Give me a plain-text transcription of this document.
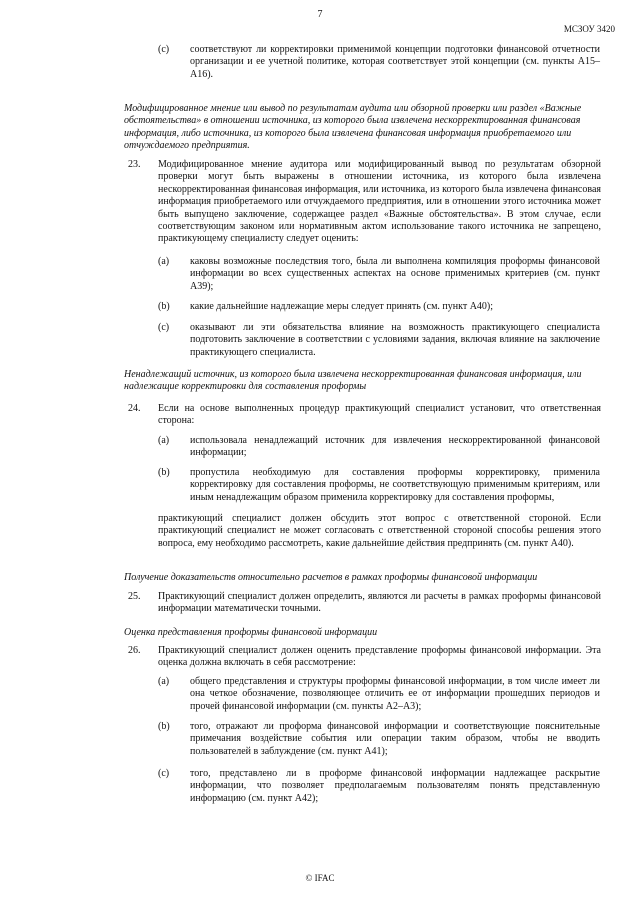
7
МСЗОУ 3420
(c) соответствуют ли корректировки применимой концепции подготовки финансовой отчетности организации и ее учетной политике, которая соответствует этой концепции (см. пункты А15–А16).

Модифицированное мнение или вывод по результатам аудита или обзорной проверки или раздел «Важные обстоятельства» в отношении источника, из которого была извлечена нескорректированная финансовая информация, либо источника, из которого была извлечена финансовая информация приобретаемого или отчуждаемого предприятия.

23. Модифицированное мнение аудитора или модифицированный вывод по результатам обзорной проверки могут быть выражены в отношении источника, из которого была извлечена нескорректированная финансовая информация, или источника, из которого была извлечена финансовая информация приобретаемого или отчуждаемого предприятия, или в отношении этого источника может быть выпущено заключение, содержащее раздел «Важные обстоятельства». В этом случае, если соответствующим законом или нормативным актом использование такого источника не запрещено, практикующему специалисту следует оценить:

(a) каковы возможные последствия того, была ли выполнена компиляция проформы финансовой информации во всех существенных аспектах на основе применимых критериев (см. пункт А39);

(b) какие дальнейшие надлежащие меры следует принять (см. пункт А40);

(c) оказывают ли эти обязательства влияние на возможность практикующего специалиста подготовить заключение в соответствии с условиями задания, включая влияние на заключение практикующего специалиста.

Ненадлежащий источник, из которого была извлечена нескорректированная финансовая информация, или надлежащие корректировки для составления проформы

24. Если на основе выполненных процедур практикующий специалист установит, что ответственная сторона:

(a) использовала ненадлежащий источник для извлечения нескорректированной финансовой информации;

(b) пропустила необходимую для составления проформы корректировку, применила корректировку для составления проформы, не соответствующую применимым критериям, или иным ненадлежащим образом применила корректировку для составления проформы,

практикующий специалист должен обсудить этот вопрос с ответственной стороной. Если практикующий специалист не может согласовать с ответственной стороной способы решения этого вопроса, ему необходимо рассмотреть, какие дальнейшие действия предпринять (см. пункт А40).

Получение доказательств относительно расчетов в рамках проформы финансовой информации

25. Практикующий специалист должен определить, являются ли расчеты в рамках проформы финансовой информации математически точными.

Оценка представления проформы финансовой информации

26. Практикующий специалист должен оценить представление проформы финансовой информации. Эта оценка должна включать в себя рассмотрение:

(a) общего представления и структуры проформы финансовой информации, в том числе имеет ли она четкое обозначение, позволяющее отличить ее от информации прошедших периодов и прочей финансовой информации (см. пункты А2–А3);

(b) того, отражают ли проформа финансовой информации и соответствующие пояснительные примечания воздействие события или операции таким образом, чтобы не вводить пользователей в заблуждение (см. пункт А41);

(c) того, представлено ли в проформе финансовой информации надлежащее раскрытие информации, что позволяет предполагаемым пользователям понять представленную информацию (см. пункт А42);

© IFAC
